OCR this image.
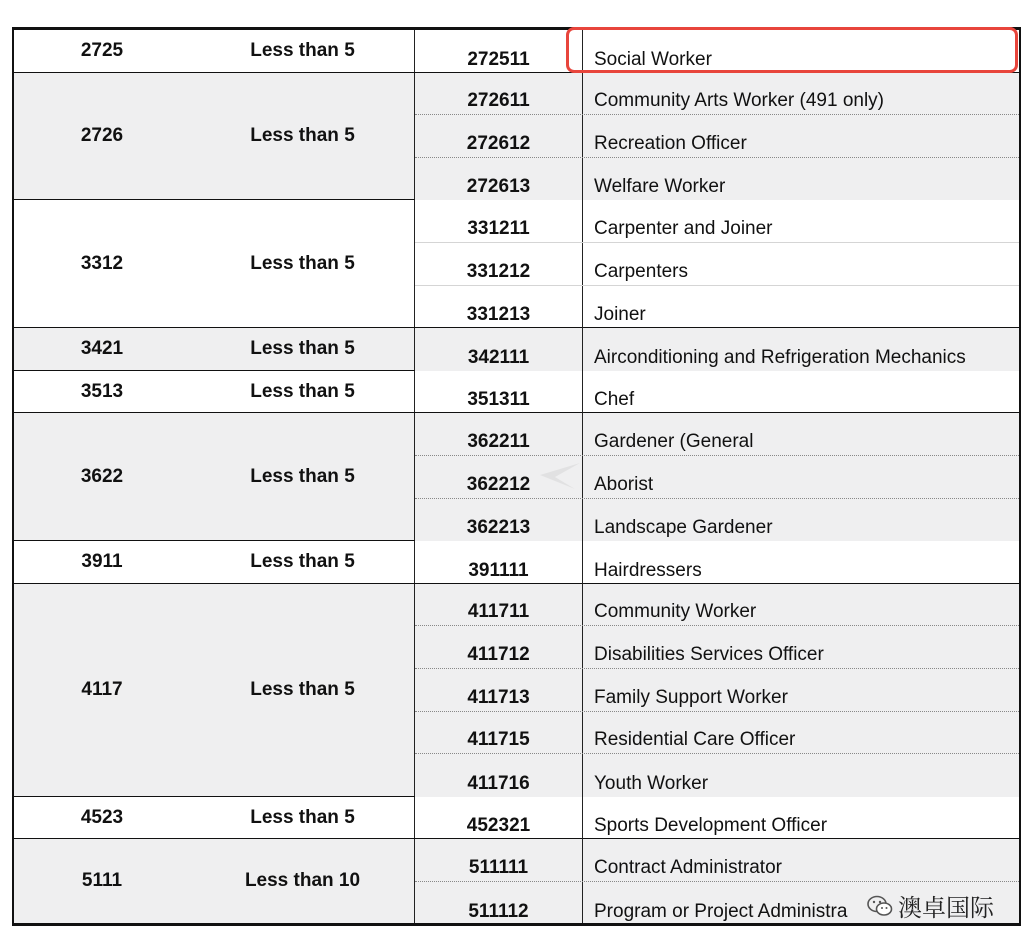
2725	Less than 5	272511	Social Worker
2726	Less than 5
272611	Community Arts Worker (491 only)
272612	Recreation Officer
272613	Welfare Worker
3312	Less than 5
331211	Carpenter and Joiner
331212	Carpenters
331213	Joiner
3421	Less than 5	342111	Airconditioning and Refrigeration Mechanics
3513	Less than 5	351311	Chef
3622	Less than 5
362211	Gardener (General
362212	Aborist
362213	Landscape Gardener
3911	Less than 5	391111	Hairdressers
4117	Less than 5
411711	Community Worker
411712	Disabilities Services Officer
411713	Family Support Worker
411715	Residential Care Officer
411716	Youth Worker
4523	Less than 5	452321	Sports Development Officer
5111	Less than 10
511111	Contract Administrator
511112	Program or Project Administra 澳卓国际
